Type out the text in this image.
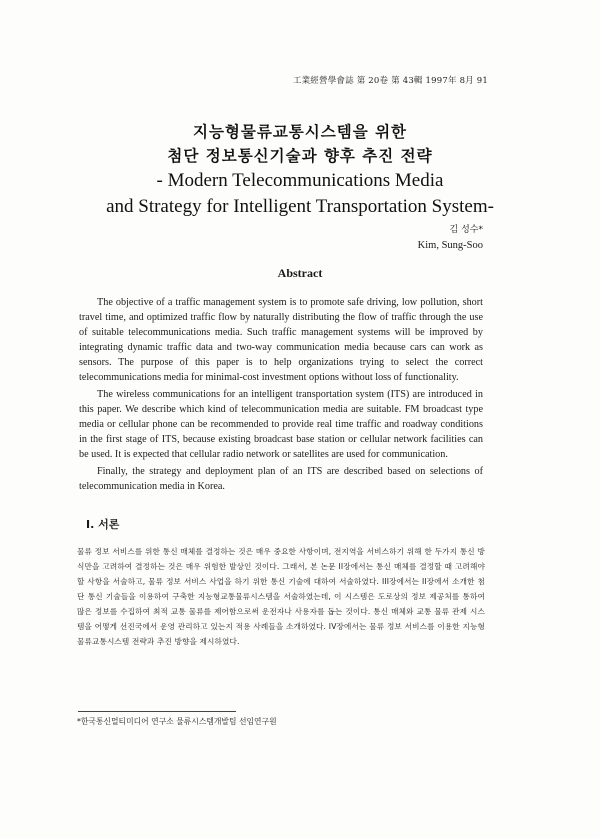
工業經營學會誌 第 20卷 第 43輯 1997年 8月 91
지능형물류교통시스템을 위한
첨단 정보통신기술과 향후 추진 전략
- Modern Telecommunications Media
and Strategy for Intelligent Transportation System-
김 성수*
Kim, Sung-Soo
Abstract

The objective of a traffic management system is to promote safe driving, low pollution, short travel time, and optimized traffic flow by naturally distributing the flow of traffic through the use of suitable telecommunications media. Such traffic management systems will be improved by integrating dynamic traffic data and two-way communication media because cars can work as sensors. The purpose of this paper is to help organizations trying to select the correct telecommunications media for minimal-cost investment options without loss of functionality.

The wireless communications for an intelligent transportation system (ITS) are introduced in this paper. We describe which kind of telecommunication media are suitable. FM broadcast type media or cellular phone can be recommended to provide real time traffic and roadway conditions in the first stage of ITS, because existing broadcast base station or cellular network facilities can be used. It is expected that cellular radio network or satellites are used for communication.

Finally, the strategy and deployment plan of an ITS are described based on selections of telecommunication media in Korea.

I. 서론

물류 정보 서비스를 위한 통신 매체를 결정하는 것은 매우 중요한 사항이며, 전지역을 서비스하기 위해 한 두가지 통신 방식만을 고려하여 결정하는 것은 매우 위험한 발상인 것이다. 그래서, 본 논문 II장에서는 통신 매체를 결정할 때 고려해야 할 사항을 서술하고, 물류 정보 서비스 사업을 하기 위한 통신 기술에 대하여 서술하였다. III장에서는 II장에서 소개한 첨단 통신 기술들을 이용하여 구축한 지능형교통물류시스템을 서술하였는데, 이 시스템은 도로상의 정보 제공처를 통하여 많은 정보를 수집하여 최적 교통 물류를 제어함으로써 운전자나 사용자를 돕는 것이다. 통신 매체와 교통 물류 관제 시스템을 어떻게 선진국에서 운영 관리하고 있는지 적용 사례들을 소개하였다. IV장에서는 물류 정보 서비스를 이용한 지능형물류교통시스템 전략과 추진 방향을 제시하였다.

*한국통신멀티미디어 연구소 물류시스템개발팀 선임연구원
